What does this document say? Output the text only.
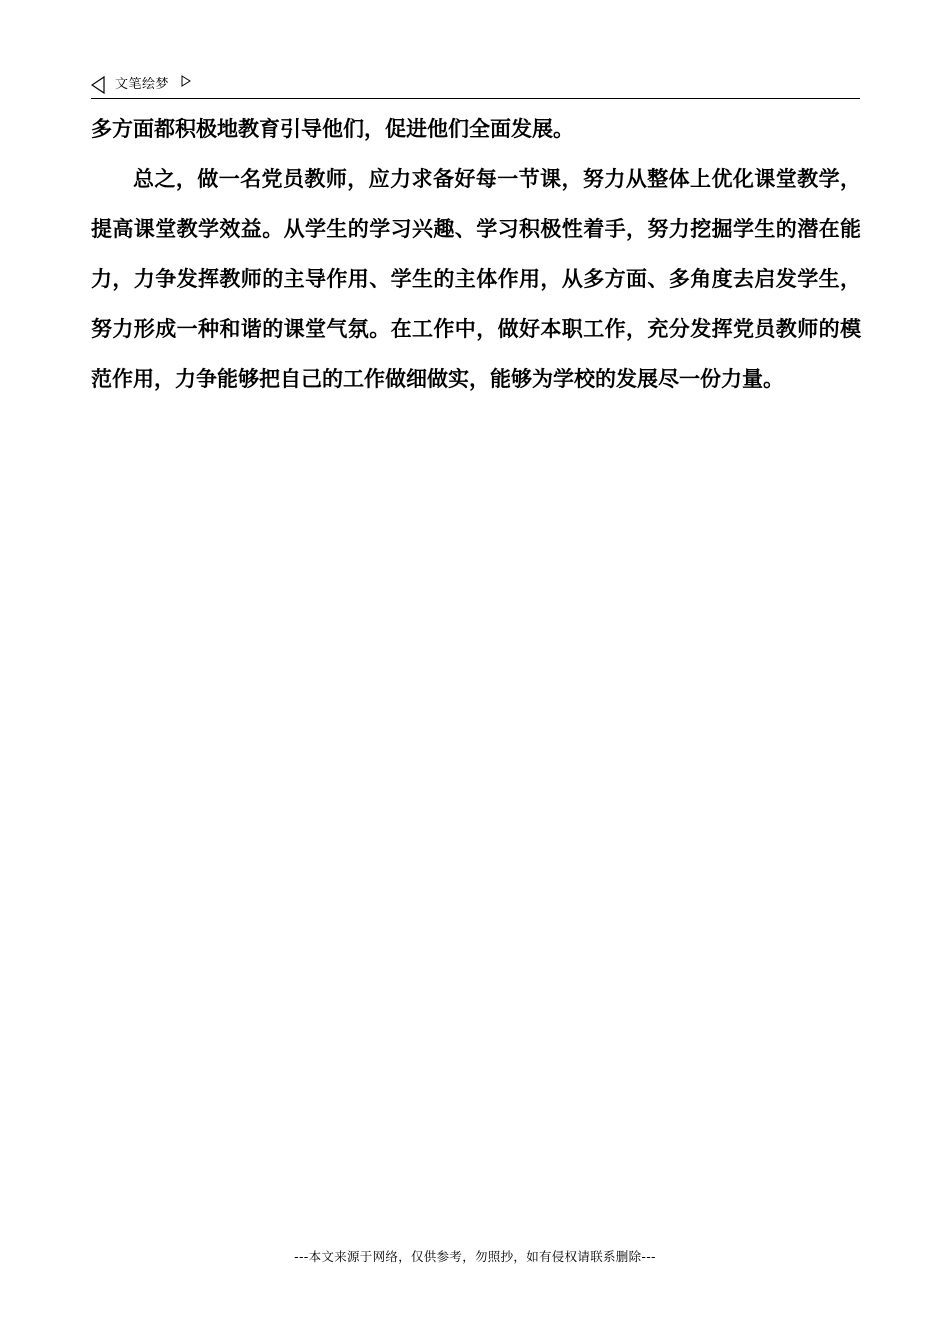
文笔绘梦

多方面都积极地教育引导他们，促进他们全面发展。

总之，做一名党员教师，应力求备好每一节课，努力从整体上优化课堂教学，提高课堂教学效益。从学生的学习兴趣、学习积极性着手，努力挖掘学生的潜在能力，力争发挥教师的主导作用、学生的主体作用，从多方面、多角度去启发学生，努力形成一种和谐的课堂气氛。在工作中，做好本职工作，充分发挥党员教师的模范作用，力争能够把自己的工作做细做实，能够为学校的发展尽一份力量。

---本文来源于网络，仅供参考，勿照抄，如有侵权请联系删除---
